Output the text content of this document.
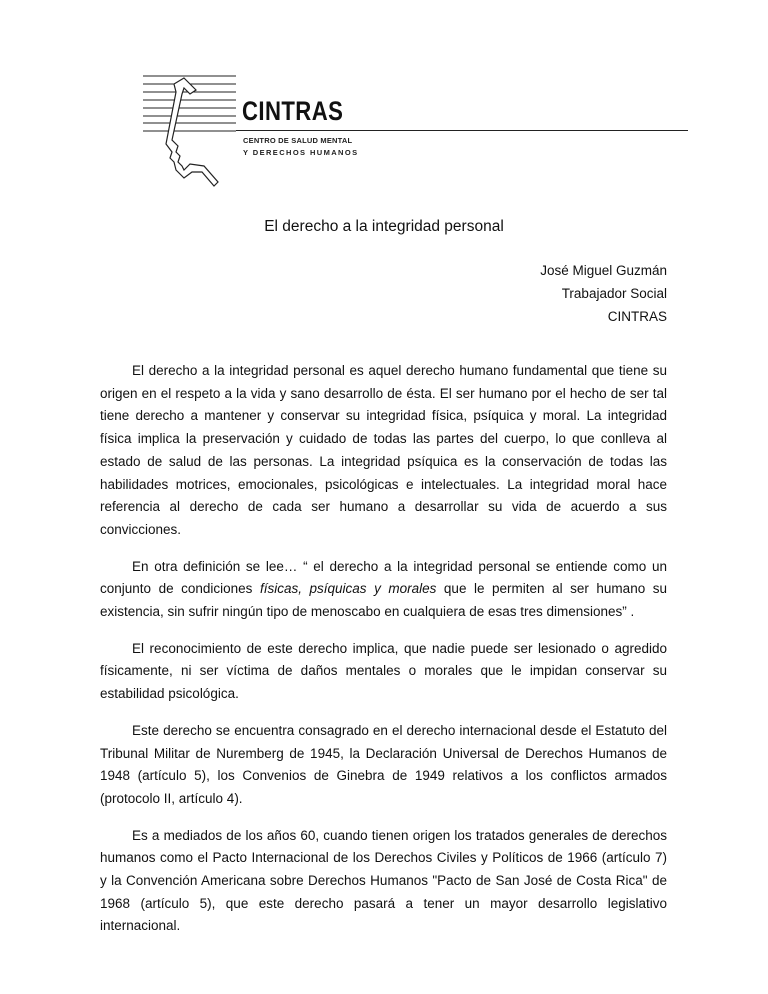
CINTRAS
CENTRO DE SALUD MENTAL
Y DERECHOS HUMANOS
El derecho a la integridad personal
José Miguel Guzmán
Trabajador Social
CINTRAS

El derecho a la integridad personal es aquel derecho humano fundamental que tiene su origen en el respeto a la vida y sano desarrollo de ésta. El ser humano por el hecho de ser tal tiene derecho a mantener y conservar su integridad física, psíquica y moral. La integridad física implica la preservación y cuidado de todas las partes del cuerpo, lo que conlleva al estado de salud de las personas. La integridad psíquica es la conservación de todas las habilidades motrices, emocionales, psicológicas e intelectuales. La integridad moral hace referencia al derecho de cada ser humano a desarrollar su vida de acuerdo a sus convicciones.

En otra definición se lee… “ el derecho a la integridad personal se entiende como un conjunto de condiciones físicas, psíquicas y morales que le permiten al ser humano su existencia, sin sufrir ningún tipo de menoscabo en cualquiera de esas tres dimensiones” .

El reconocimiento de este derecho implica, que nadie puede ser lesionado o agredido físicamente, ni ser víctima de daños mentales o morales que le impidan conservar su estabilidad psicológica.

Este derecho se encuentra consagrado en el derecho internacional desde el Estatuto del Tribunal Militar de Nuremberg de 1945, la Declaración Universal de Derechos Humanos de 1948 (artículo 5), los Convenios de Ginebra de 1949 relativos a los conflictos armados (protocolo II, artículo 4).

Es a mediados de los años 60, cuando tienen origen los tratados generales de derechos humanos como el Pacto Internacional de los Derechos Civiles y Políticos de 1966 (artículo 7) y la Convención Americana sobre Derechos Humanos "Pacto de San José de Costa Rica" de 1968 (artículo 5), que este derecho pasará a tener un mayor desarrollo legislativo internacional.
